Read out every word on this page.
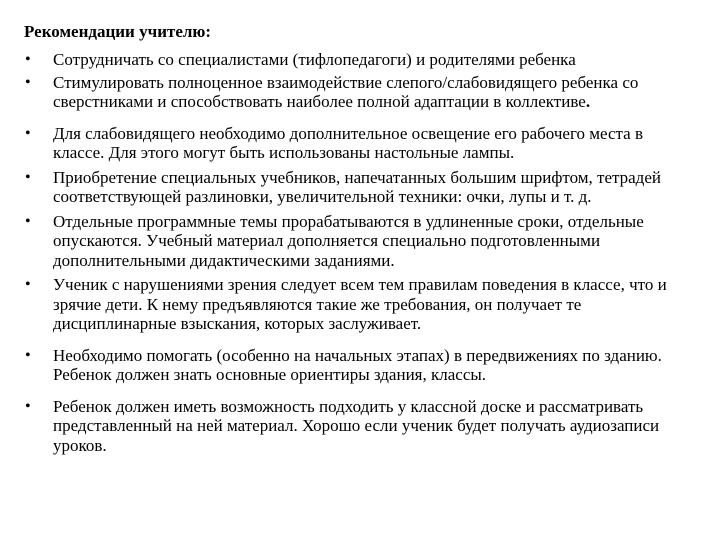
Рекомендации учителю:
• Сотрудничать со специалистами (тифлопедагоги) и родителями ребенка
• Стимулировать полноценное взаимодействие слепого/слабовидящего ребенка со сверстниками и способствовать наиболее полной адаптации в коллективе.
• Для слабовидящего необходимо дополнительное освещение его рабочего места в классе. Для этого могут быть использованы настольные лампы.
• Приобретение специальных учебников, напечатанных большим шрифтом, тетрадей соответствующей разлиновки, увеличительной техники: очки, лупы и т. д.
• Отдельные программные темы прорабатываются в удлиненные сроки, отдельные опускаются. Учебный материал дополняется специально подготовленными дополнительными дидактическими заданиями.
• Ученик с нарушениями зрения следует всем тем правилам поведения в классе, что и зрячие дети. К нему предъявляются такие же требования, он получает те дисциплинарные взыскания, которых заслуживает.
• Необходимо помогать (особенно на начальных этапах) в передвижениях по зданию. Ребенок должен знать основные ориентиры здания, классы.
• Ребенок должен иметь возможность подходить у классной доске и рассматривать представленный на ней материал. Хорошо если ученик будет получать аудиозаписи уроков.
